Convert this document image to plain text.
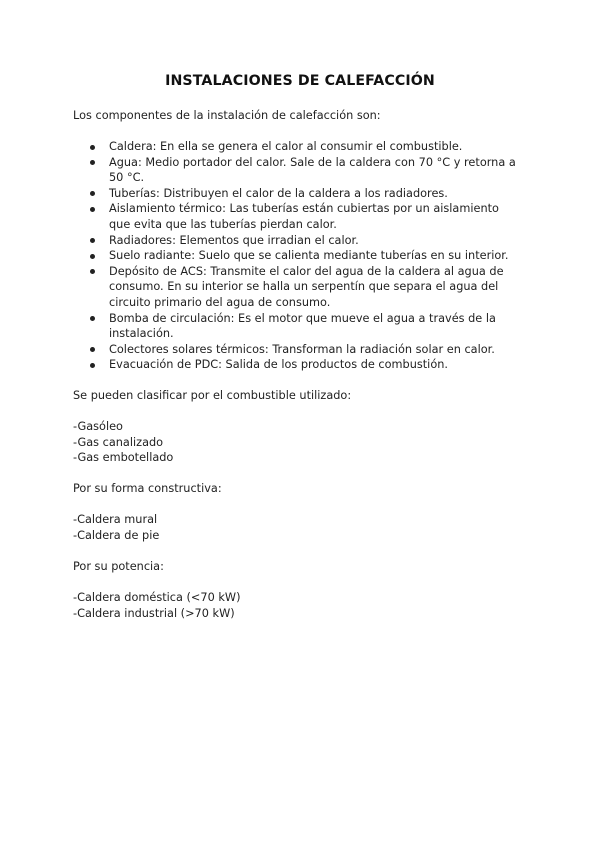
INSTALACIONES DE CALEFACCIÓN
Los componentes de la instalación de calefacción son:
Caldera: En ella se genera el calor al consumir el combustible.
Agua: Medio portador del calor. Sale de la caldera con 70 °C y retorna a 50 °C.
Tuberías: Distribuyen el calor de la caldera a los radiadores.
Aislamiento térmico: Las tuberías están cubiertas por un aislamiento que evita que las tuberías pierdan calor.
Radiadores: Elementos que irradian el calor.
Suelo radiante: Suelo que se calienta mediante tuberías en su interior.
Depósito de ACS: Transmite el calor del agua de la caldera al agua de consumo. En su interior se halla un serpentín que separa el agua del circuito primario del agua de consumo.
Bomba de circulación: Es el motor que mueve el agua a través de la instalación.
Colectores solares térmicos: Transforman la radiación solar en calor.
Evacuación de PDC: Salida de los productos de combustión.
Se pueden clasificar por el combustible utilizado:
-Gasóleo
-Gas canalizado
-Gas embotellado
Por su forma constructiva:
-Caldera mural
-Caldera de pie
Por su potencia:
-Caldera doméstica (<70 kW)
-Caldera industrial (>70 kW)
